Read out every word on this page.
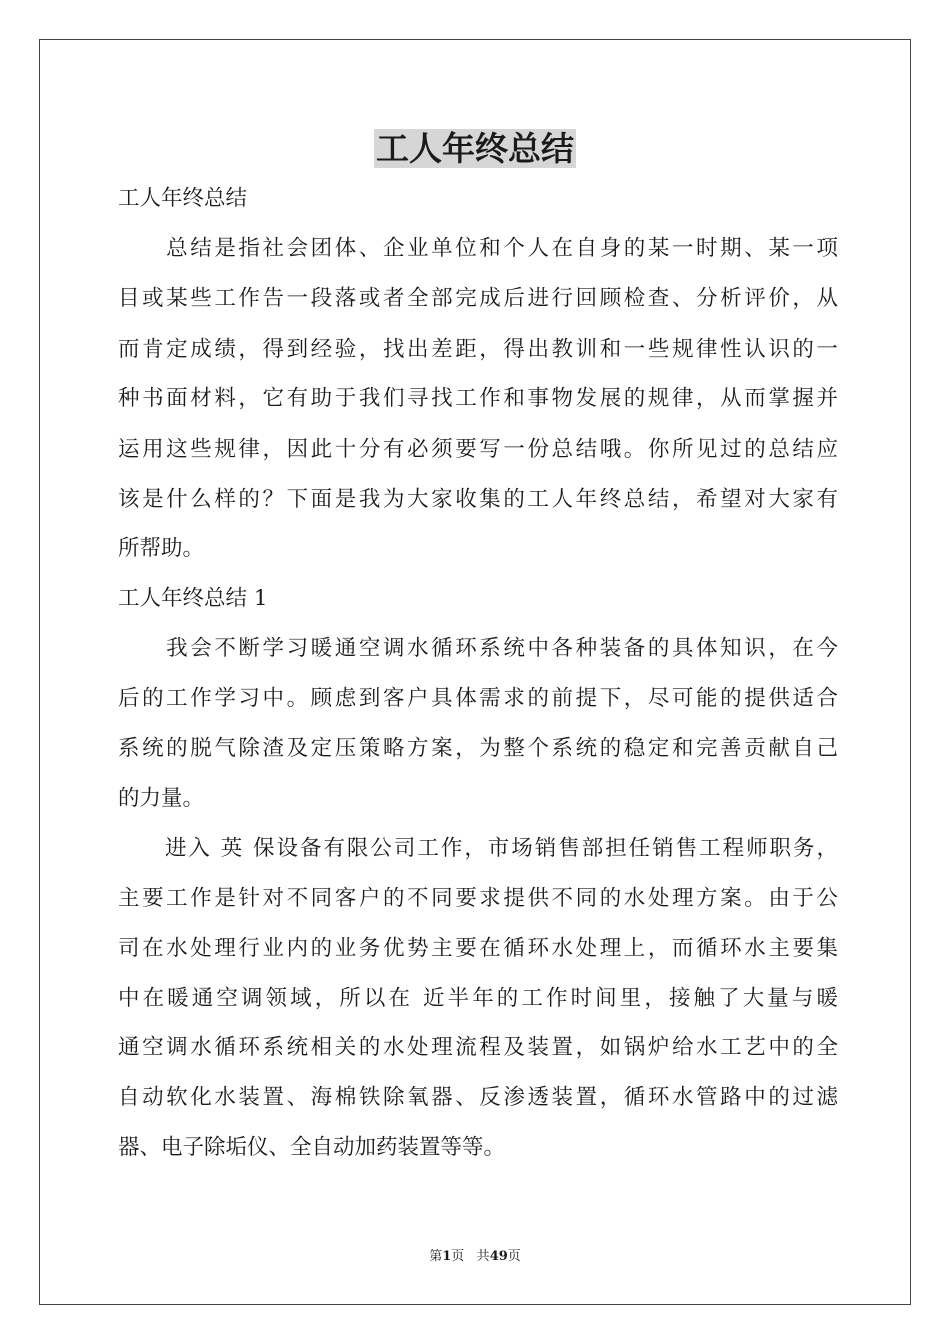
工人年终总结
工人年终总结
　　总结是指社会团体、企业单位和个人在自身的某一时期、某一项
目或某些工作告一段落或者全部完成后进行回顾检查、分析评价，从
而肯定成绩，得到经验，找出差距，得出教训和一些规律性认识的一
种书面材料，它有助于我们寻找工作和事物发展的规律，从而掌握并
运用这些规律，因此十分有必须要写一份总结哦。你所见过的总结应
该是什么样的？下面是我为大家收集的工人年终总结，希望对大家有
所帮助。
工人年终总结 1
　　我会不断学习暖通空调水循环系统中各种装备的具体知识，在今
后的工作学习中。顾虑到客户具体需求的前提下，尽可能的提供适合
系统的脱气除渣及定压策略方案，为整个系统的稳定和完善贡献自己
的力量。
　　进入 英 保设备有限公司工作，市场销售部担任销售工程师职务，
主要工作是针对不同客户的不同要求提供不同的水处理方案。由于公
司在水处理行业内的业务优势主要在循环水处理上，而循环水主要集
中在暖通空调领域，所以在 近半年的工作时间里，接触了大量与暖
通空调水循环系统相关的水处理流程及装置，如锅炉给水工艺中的全
自动软化水装置、海棉铁除氧器、反渗透装置，循环水管路中的过滤
器、电子除垢仪、全自动加药装置等等。
第1页 共49页
